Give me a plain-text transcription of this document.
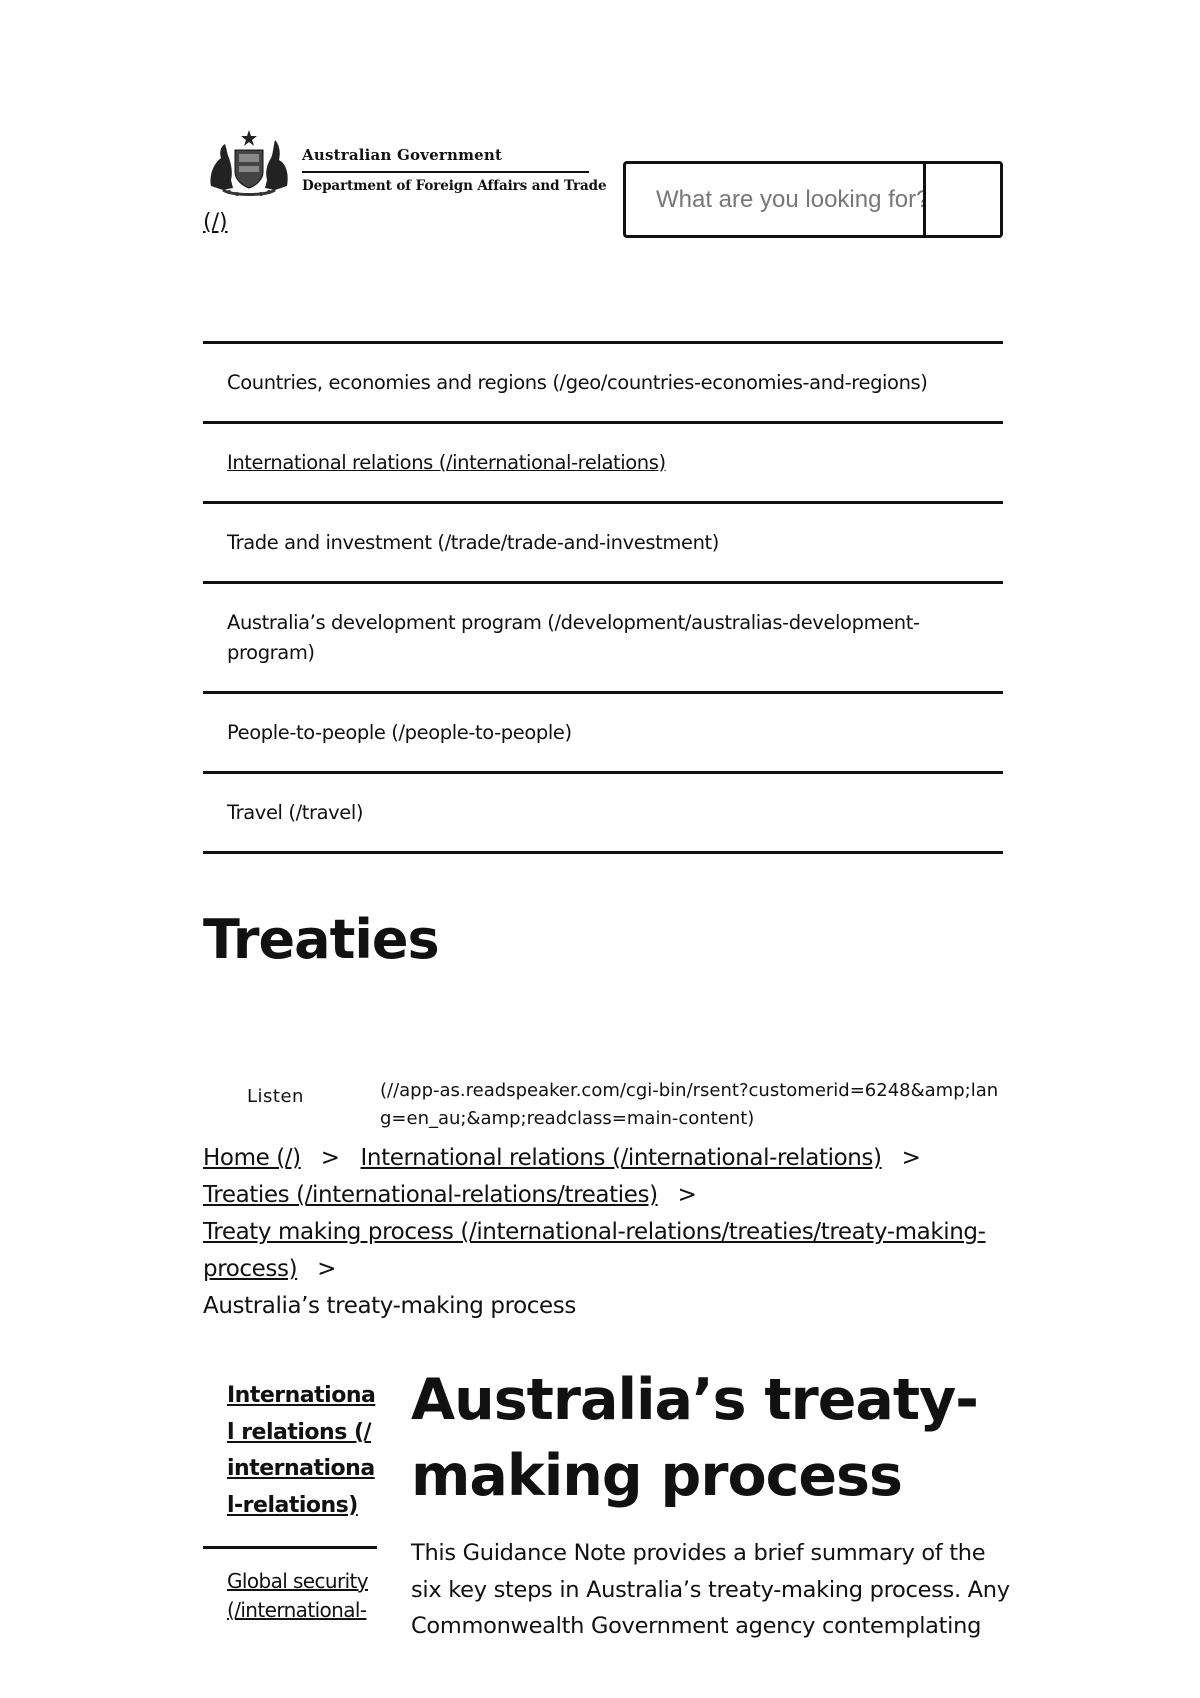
Australian Government
Department of Foreign Affairs and Trade
(/)
What are you looking for?
Countries, economies and regions (/geo/countries-economies-and-regions)
International relations (/international-relations)
Trade and investment (/trade/trade-and-investment)
Australia’s development program (/development/australias-development-program)
People-to-people (/people-to-people)
Travel (/travel)
Treaties
Listen	(//app-as.readspeaker.com/cgi-bin/rsent?customerid=6248&amp;lang=en_au;&amp;readclass=main-content)
Home (/) > International relations (/international-relations) >
Treaties (/international-relations/treaties) >
Treaty making process (/international-relations/treaties/treaty-making-process) >
Australia’s treaty-making process
International relations (/international-relations)
Global security (/international-
Australia’s treaty-making process

This Guidance Note provides a brief summary of the six key steps in Australia’s treaty-making process. Any Commonwealth Government agency contemplating
